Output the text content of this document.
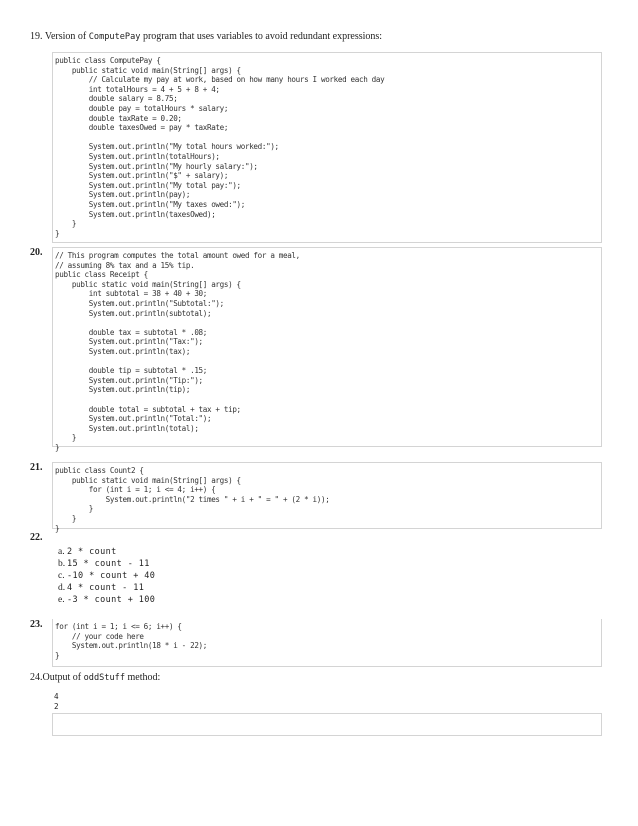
19. Version of ComputePay program that uses variables to avoid redundant expressions:
public class ComputePay {
public static void main(String[] args) {
// Calculate my pay at work, based on how many hours I worked each day
int totalHours = 4 + 5 + 8 + 4;
double salary = 8.75;
double pay = totalHours * salary;
double taxRate = 0.20;
double taxesOwed = pay * taxRate;

System.out.println("My total hours worked:");
System.out.println(totalHours);
System.out.println("My hourly salary:");
System.out.println("$" + salary);
System.out.println("My total pay:");
System.out.println(pay);
System.out.println("My taxes owed:");
System.out.println(taxesOwed);
}
}
20. // This program computes the total amount owed for a meal,
// assuming 8% tax and a 15% tip.
public class Receipt {
public static void main(String[] args) {
int subtotal = 38 + 40 + 30;
System.out.println("Subtotal:");
System.out.println(subtotal);

double tax = subtotal * .08;
System.out.println("Tax:");
System.out.println(tax);

double tip = subtotal * .15;
System.out.println("Tip:");
System.out.println(tip);

double total = subtotal + tax + tip;
System.out.println("Total:");
System.out.println(total);
}
}
21. public class Count2 {
public static void main(String[] args) {
for (int i = 1; i <= 4; i++) {
System.out.println("2 times " + i + " = " + (2 * i));
}
}
}
22.
a. 2 * count
b. 15 * count - 11
c. -10 * count + 40
d. 4 * count - 11
e. -3 * count + 100
23. for (int i = 1; i <= 6; i++) {
// your code here
System.out.println(18 * i - 22);
}
24.Output of oddStuff method:
4
2
